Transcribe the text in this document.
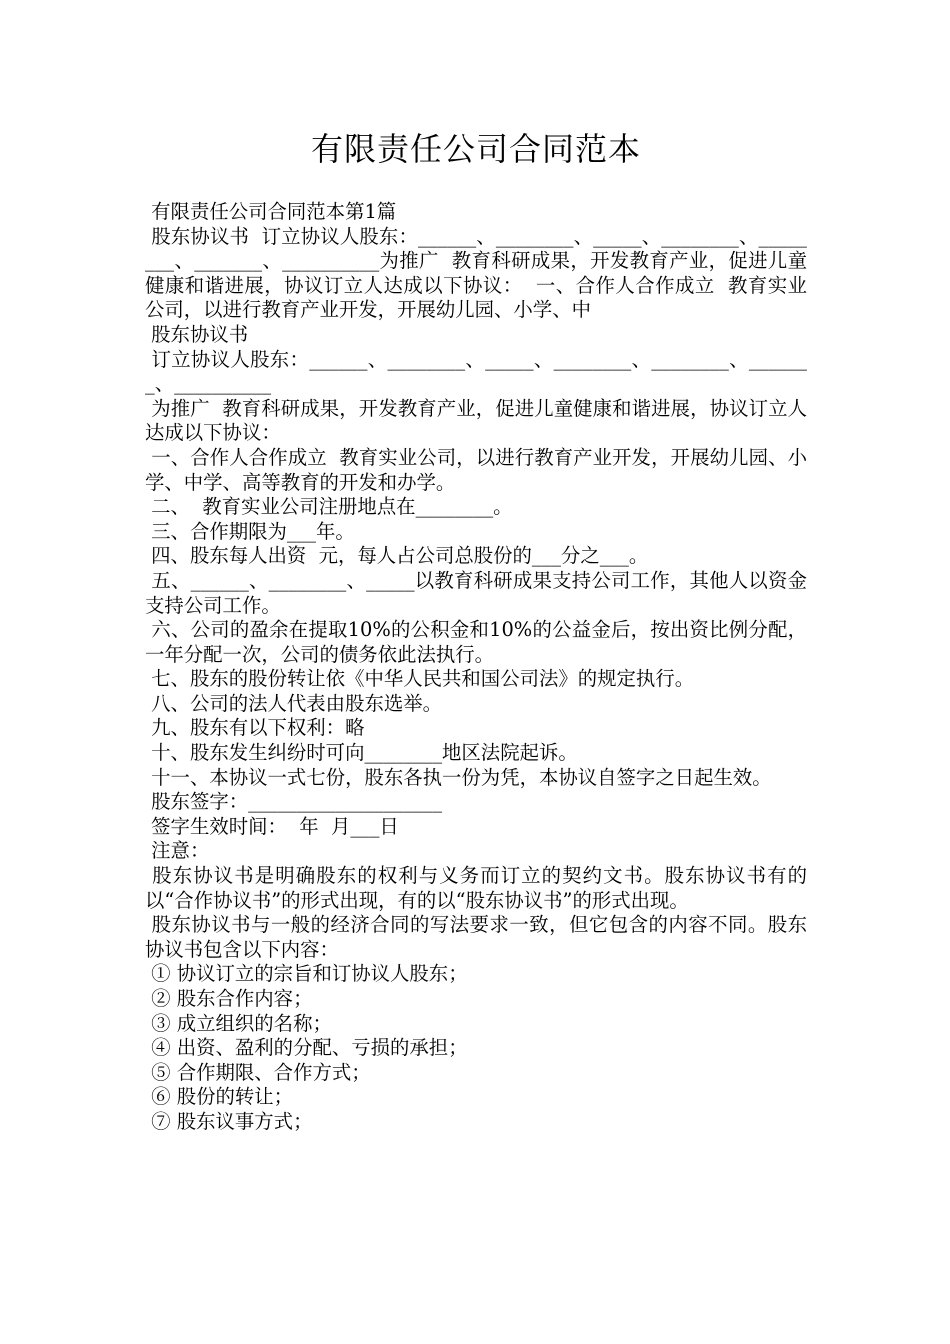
有限责任公司合同范本

有限责任公司合同范本第1篇

股东协议书  订立协议人股东：______、________、_____、________、________、_______、__________为推广  教育科研成果，开发教育产业，促进儿童健康和谐进展，协议订立人达成以下协议：  一、合作人合作成立  教育实业公司，以进行教育产业开发，开展幼儿园、小学、中

股东协议书

订立协议人股东：______、________、_____、________、________、_______、__________

为推广  教育科研成果，开发教育产业，促进儿童健康和谐进展，协议订立人达成以下协议：

一、合作人合作成立  教育实业公司，以进行教育产业开发，开展幼儿园、小学、中学、高等教育的开发和办学。

二、  教育实业公司注册地点在________。

三、合作期限为___年。

四、股东每人出资  元，每人占公司总股份的___分之___。

五、______、________、_____以教育科研成果支持公司工作，其他人以资金支持公司工作。

六、公司的盈余在提取10%的公积金和10%的公益金后，按出资比例分配，一年分配一次，公司的债务依此法执行。

七、股东的股份转让依《中华人民共和国公司法》的规定执行。

八、公司的法人代表由股东选举。

九、股东有以下权利：略

十、股东发生纠纷时可向________地区法院起诉。

十一、本协议一式七份，股东各执一份为凭，本协议自签字之日起生效。

股东签字：____________________

签字生效时间：  年  月___日

注意：

股东协议书是明确股东的权利与义务而订立的契约文书。股东协议书有的以“合作协议书”的形式出现，有的以“股东协议书”的形式出现。

股东协议书与一般的经济合同的写法要求一致，但它包含的内容不同。股东协议书包含以下内容：

① 协议订立的宗旨和订协议人股东；

② 股东合作内容；

③ 成立组织的名称；

④ 出资、盈利的分配、亏损的承担；

⑤ 合作期限、合作方式；

⑥ 股份的转让；

⑦ 股东议事方式；
